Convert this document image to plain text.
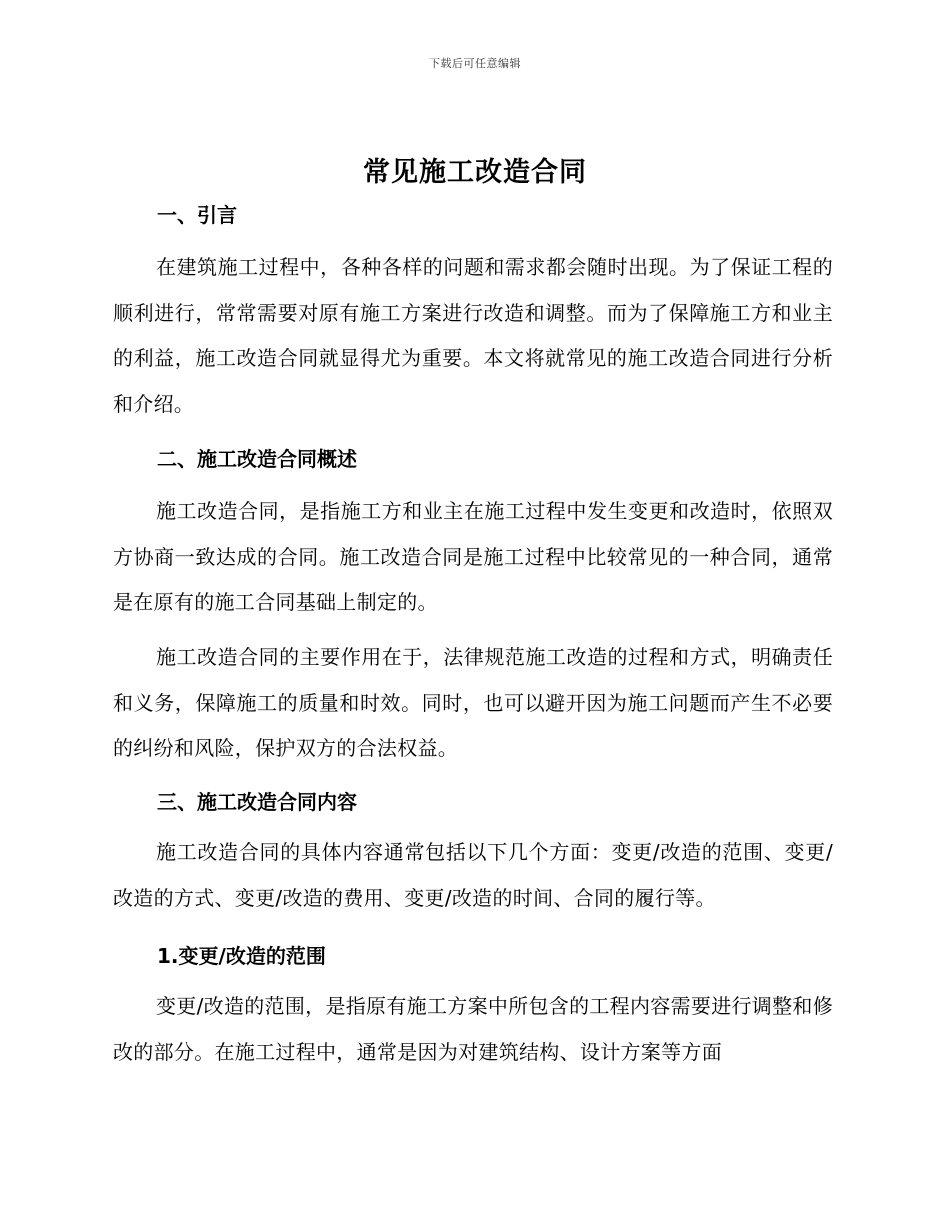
下载后可任意编辑
常见施工改造合同
一、引言
在建筑施工过程中，各种各样的问题和需求都会随时出现。为了保证工程的顺利进行，常常需要对原有施工方案进行改造和调整。而为了保障施工方和业主的利益，施工改造合同就显得尤为重要。本文将就常见的施工改造合同进行分析和介绍。
二、施工改造合同概述
施工改造合同，是指施工方和业主在施工过程中发生变更和改造时，依照双方协商一致达成的合同。施工改造合同是施工过程中比较常见的一种合同，通常是在原有的施工合同基础上制定的。
施工改造合同的主要作用在于，法律规范施工改造的过程和方式，明确责任和义务，保障施工的质量和时效。同时，也可以避开因为施工问题而产生不必要的纠纷和风险，保护双方的合法权益。
三、施工改造合同内容
施工改造合同的具体内容通常包括以下几个方面：变更/改造的范围、变更/改造的方式、变更/改造的费用、变更/改造的时间、合同的履行等。
1.变更/改造的范围
变更/改造的范围，是指原有施工方案中所包含的工程内容需要进行调整和修改的部分。在施工过程中，通常是因为对建筑结构、设计方案等方面
